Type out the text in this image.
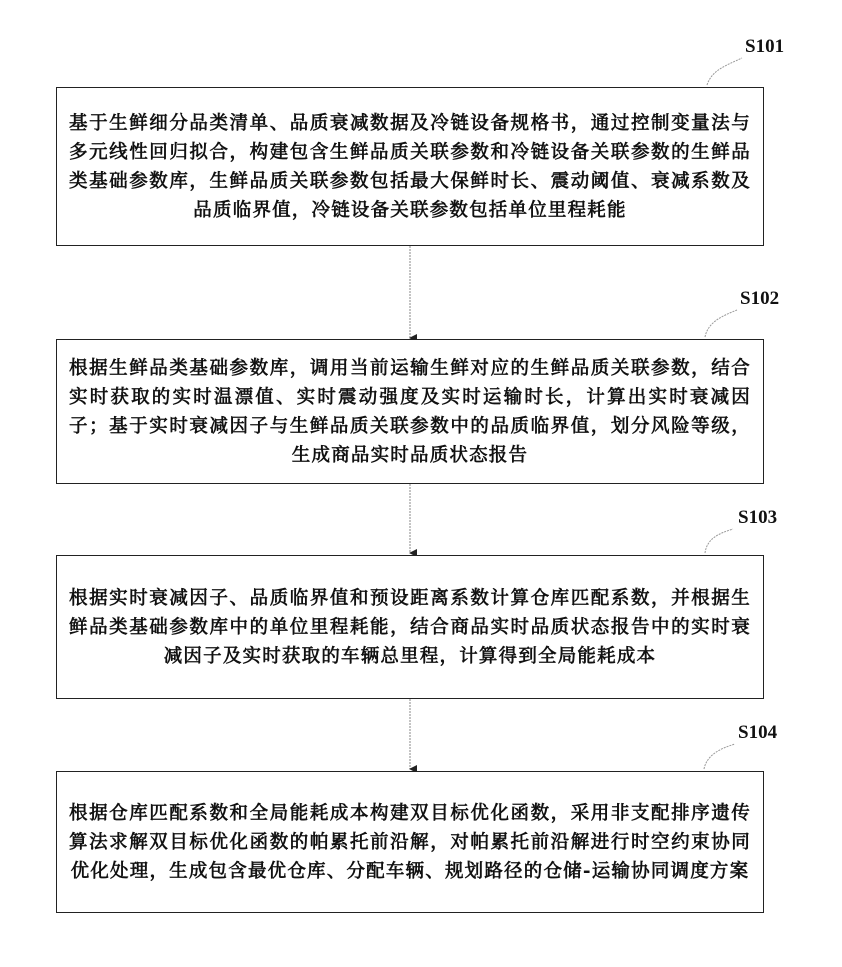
S101
S102
S103
S104
基于生鲜细分品类清单、品质衰减数据及冷链设备规格书，通过控制变量法与多元线性回归拟合，构建包含生鲜品质关联参数和冷链设备关联参数的生鲜品类基础参数库，生鲜品质关联参数包括最大保鲜时长、震动阈值、衰减系数及品质临界值，冷链设备关联参数包括单位里程耗能
根据生鲜品类基础参数库，调用当前运输生鲜对应的生鲜品质关联参数，结合实时获取的实时温漂值、实时震动强度及实时运输时长，计算出实时衰减因子；基于实时衰减因子与生鲜品质关联参数中的品质临界值，划分风险等级，生成商品实时品质状态报告
根据实时衰减因子、品质临界值和预设距离系数计算仓库匹配系数，并根据生鲜品类基础参数库中的单位里程耗能，结合商品实时品质状态报告中的实时衰减因子及实时获取的车辆总里程，计算得到全局能耗成本
根据仓库匹配系数和全局能耗成本构建双目标优化函数，采用非支配排序遗传算法求解双目标优化函数的帕累托前沿解，对帕累托前沿解进行时空约束协同优化处理，生成包含最优仓库、分配车辆、规划路径的仓储-运输协同调度方案
